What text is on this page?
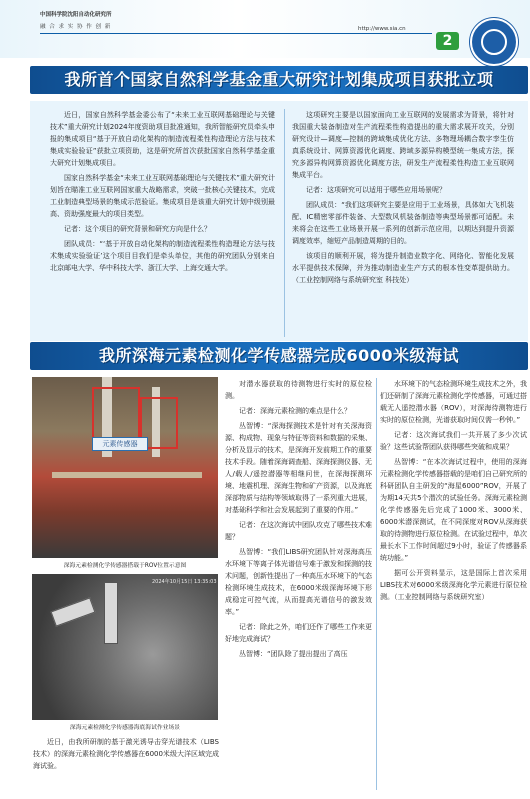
中国科学院沈阳自动化研究所
融 合 求 实 协 作 创 新	http://www.sia.cn
2
我所首个国家自然科学基金重大研究计划集成项目获批立项

近日，国家自然科学基金委公布了“未来工业互联网基础理论与关键技术”重大研究计划2024年度资助项目批准通知，我所智能研究员牵头申报的集成项目“基于开放自动化架构的制造流程柔性构造理论方法与技术集成实验验证”获批立项资助，这是研究所首次获批国家自然科学基金重大研究计划集成项目。

国家自然科学基金“未来工业互联网基础理论与关键技术”重大研究计划旨在瞄准工业互联网国家重大战略需求，突破一批核心关键技术，完成工业制造典型场景的集成示范验证。集成项目是该重大研究计划中级别最高、资助强度最大的项目类型。

记者：这个项目的研究背景和研究方向是什么？

团队成员：“‘基于开放自动化架构的制造流程柔性构造理论方法与技术集成实验验证’这个项目目我们是牵头单位，其他的研究团队分别来自北京邮电大学、华中科技大学、浙江大学、上海交通大学。

这项研究主要是以国家面向工业互联网的发展需求为背景，将针对我国重大装备制造对生产流程柔性构造提出的重大需求展开攻关，分别研究设计—调度—控制的跨域集成优化方法、多物理场耦合数字孪生仿真系统设计、网算资源优化调度、跨域多源异构模型统一集成方法，探究多源异构网算资源优化调度方法，研发生产流程柔性构造工业互联网集成平台。

记者：这项研究可以适用于哪些应用场景呢？

团队成员：“我们这项研究主要是应用于工业场景，具体如大飞机装配、IC精密零部件装备、大型数风机装备制造等典型场景都可适配。未来将会在这些工业场景开展一系列的创新示范应用，以期达到提升资源调度效率，缩短产品制造周期的目的。

该项目的顺利开展，将为提升制造业数字化、网络化、智能化发展水平提供技术保障，并为推动制造业生产方式的根本性变革提供助力。（工业控制网络与系统研究室 科技处）

我所深海元素检测化学传感器完成6000米级海试
元素传感器
深海元素检测化学传感器搭载于ROV位置示意图
2024年10月15日 13:35:03
深海元素检测化学传感器海底海试作业场景

近日，由我所研制的基于激光诱导击穿光谱技术（LIBS技术）的深海元素检测化学传感器在6000米级大洋区域完成海试验。

对潜水器获取的待测物进行实时的原位检测。

记者：深海元素检测的难点是什么？

丛智博：“深海探测技术是针对有关深海资源、构成物、现象与特征等资料和数据的采集、分析及显示的技术，是深海开发前期工作的重要技术手段。随着深海调查船、深海探测仪器、无人/载人/遥控潜器等相继问世，在深海探测环境、地震机理、深海生物和矿产资源，以及海底深部物质与结构等领域取得了一系列重大进展，对基础科学和社会发展起到了重要的作用。”

记者：在这次海试中团队攻克了哪些技术难题？

丛智博：“我们LIBS研究团队针对深海高压水环境下等离子体光谱信号难于激发和探测的技术问题，创新性提出了一种高压水环境下的气态检测环境生成技术，在6000米级深海环境下形成稳定可控气流，从而提高光谱信号的激发效率。”

记者：除此之外，咱们还作了哪些工作来更好地完成海试？

丛智博：“团队除了提出提出了高压

水环境下的气态检测环境生成技术之外，我们还研制了深海元素检测化学传感器，可通过搭载无人遥控潜水器（ROV），对深海待测物进行实时的原位检测，光谱获取时间仅需一秒钟。”

记者：这次海试我们一共开展了多少次试验？这些试验帮团队获得哪些突破和成果？

丛智博：“在本次海试过程中，使用的深海元素检测化学传感器搭载的是咱们自己研究所的科研团队自主研发的“海星6000”ROV，开展了为期14天共5个潜次的试验任务。深海元素检测化学传感器先后完成了1000米、3000米、6000米潜深测试，在不同深度对ROV从深海获取的待测物进行原位检测。在试验过程中，单次最长水下工作时间超过9小时，验证了传感器系统功能。”

据可公开资料显示，这是国际上首次采用LIBS技术对6000米级深海化学元素进行原位检测。（工业控制网络与系统研究室）
